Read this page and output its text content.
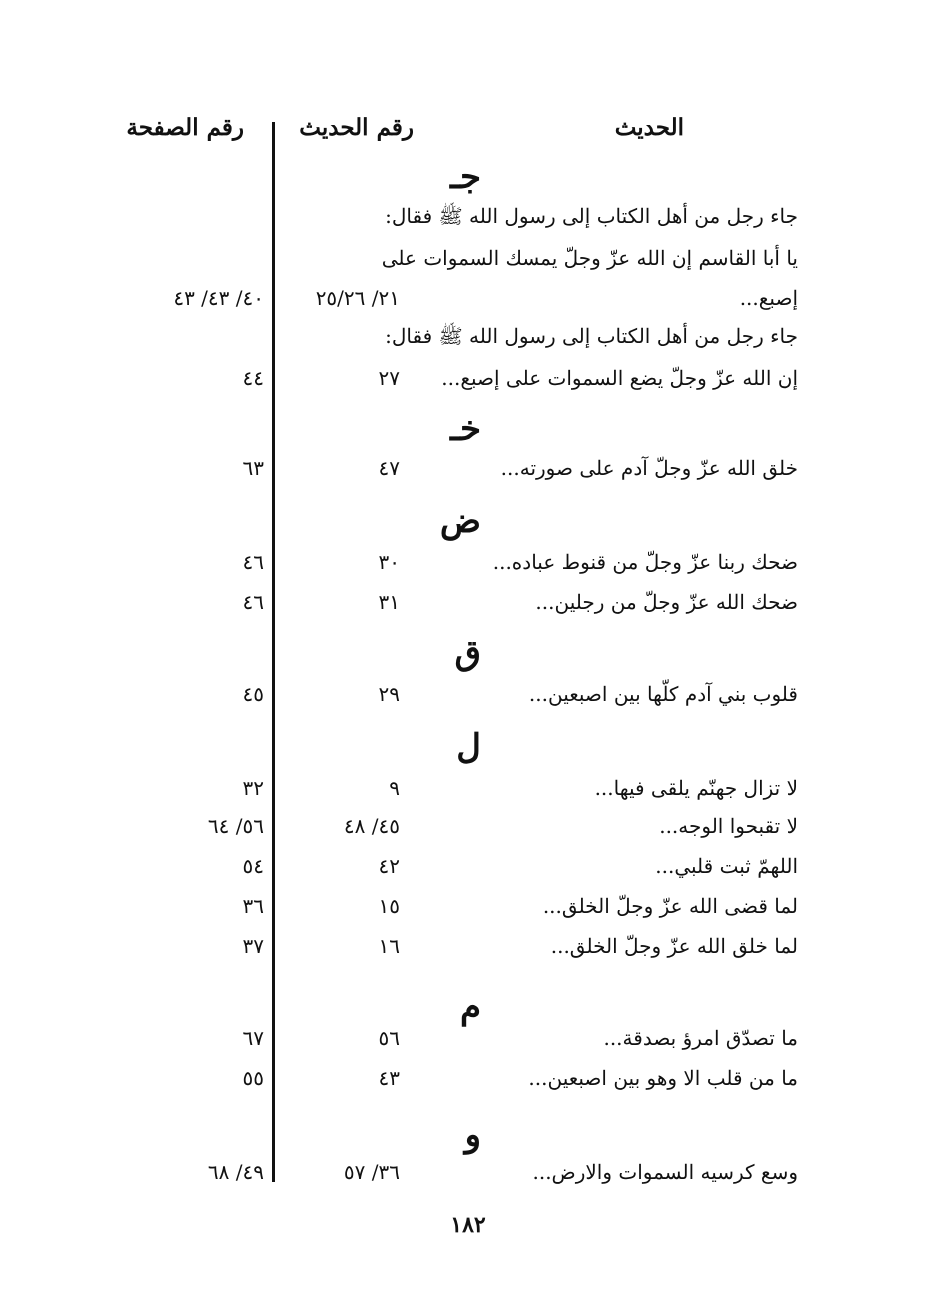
الحديث
رقم الحديث
رقم الصفحة
جـ
جاء رجل من أهل الكتاب إلى رسول الله ﷺ فقال:
يا أبا القاسم إن الله عزّ وجلّ يمسك السموات على
إصبع...
٢١/ ٢٥/٢٦
٤٠/ ٤٣/ ٤٣
جاء رجل من أهل الكتاب إلى رسول الله ﷺ فقال:
إن الله عزّ وجلّ يضع السموات على إصبع...
٢٧
٤٤
خـ
خلق الله عزّ وجلّ آدم على صورته...
٤٧
٦٣
ض
ضحك ربنا عزّ وجلّ من قنوط عباده...
٣٠
٤٦
ضحك الله عزّ وجلّ من رجلين...
٣١
٤٦
ق
قلوب بني آدم كلّها بين اصبعين...
٢٩
٤٥
ل
لا تزال جهنّم يلقى فيها...
٩
٣٢
لا تقبحوا الوجه...
٤٥/ ٤٨
٥٦/ ٦٤
اللهمّ ثبت قلبي...
٤٢
٥٤
لما قضى الله عزّ وجلّ الخلق...
١٥
٣٦
لما خلق الله عزّ وجلّ الخلق...
١٦
٣٧
م
ما تصدّق امرؤ بصدقة...
٥٦
٦٧
ما من قلب الا وهو بين اصبعين...
٤٣
٥٥
و
وسع كرسيه السموات والارض...
٣٦/ ٥٧
٤٩/ ٦٨
١٨٢
